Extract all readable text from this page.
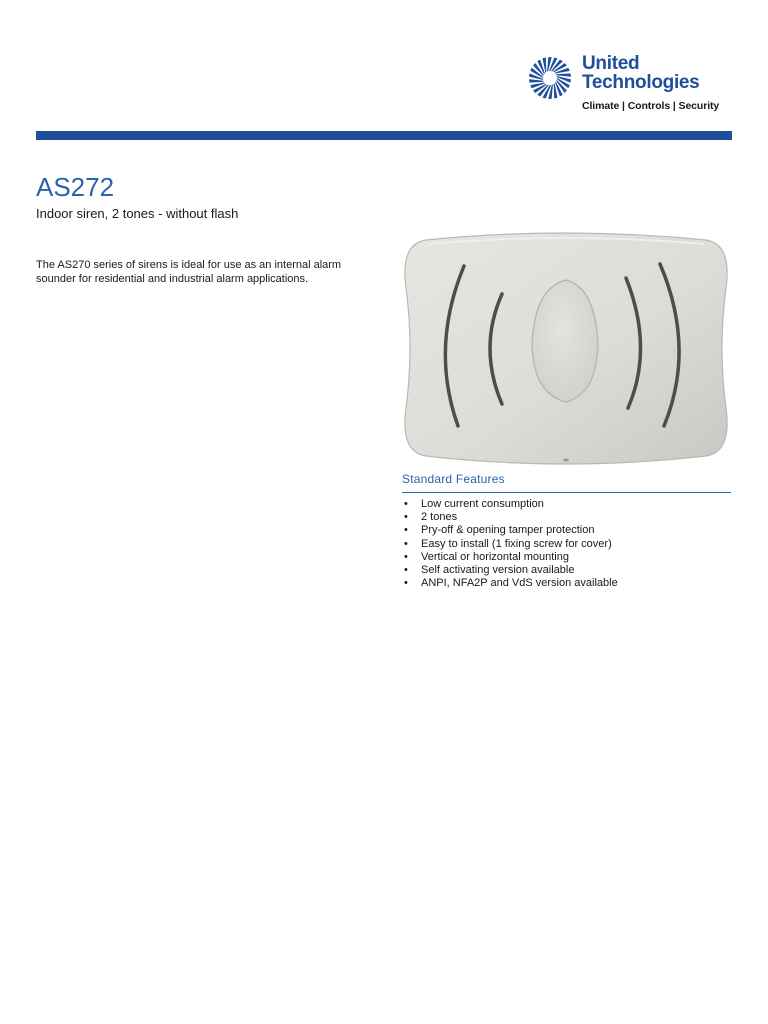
United
Technologies
Climate | Controls | Security
AS272

Indoor siren, 2 tones - without flash

The AS270 series of sirens is ideal for use as an internal alarm sounder for residential and industrial alarm applications.

Standard Features
• Low current consumption
• 2 tones
• Pry-off & opening tamper protection
• Easy to install (1 fixing screw for cover)
• Vertical or horizontal mounting
• Self activating version available
• ANPI, NFA2P and VdS version available
